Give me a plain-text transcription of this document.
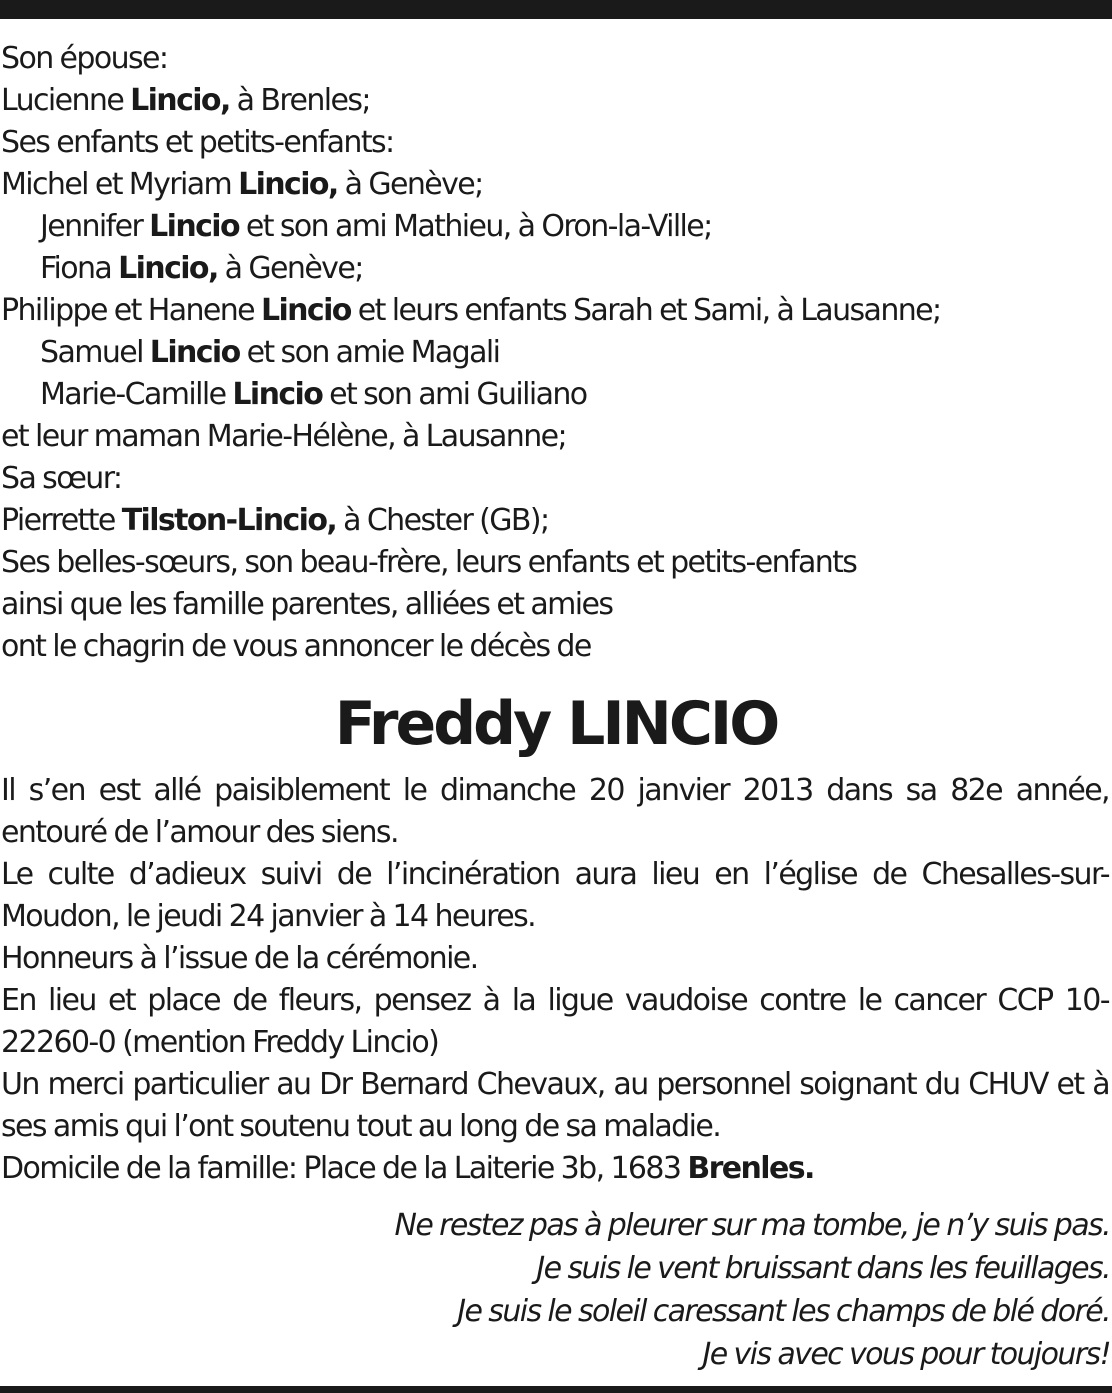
Son épouse:
Lucienne Lincio, à Brenles;
Ses enfants et petits-enfants:
Michel et Myriam Lincio, à Genève;
Jennifer Lincio et son ami Mathieu, à Oron-la-Ville;
Fiona Lincio, à Genève;
Philippe et Hanene Lincio et leurs enfants Sarah et Sami, à Lausanne;
Samuel Lincio et son amie Magali
Marie-Camille Lincio et son ami Guiliano
et leur maman Marie-Hélène, à Lausanne;
Sa sœur:
Pierrette Tilston-Lincio, à Chester (GB);
Ses belles-sœurs, son beau-frère, leurs enfants et petits-enfants
ainsi que les famille parentes, alliées et amies
ont le chagrin de vous annoncer le décès de
Freddy LINCIO

Il s’en est allé paisiblement le dimanche 20 janvier 2013 dans sa 82e année, entouré de l’amour des siens.

Le culte d’adieux suivi de l’incinération aura lieu en l’église de Chesalles-sur-Moudon, le jeudi 24 janvier à 14 heures.

Honneurs à l’issue de la cérémonie.

En lieu et place de fleurs, pensez à la ligue vaudoise contre le cancer CCP 10-22260-0 (mention Freddy Lincio)

Un merci particulier au Dr Bernard Chevaux, au personnel soignant du CHUV et à ses amis qui l’ont soutenu tout au long de sa maladie.

Domicile de la famille: Place de la Laiterie 3b, 1683 Brenles.

Ne restez pas à pleurer sur ma tombe, je n’y suis pas.
Je suis le vent bruissant dans les feuillages.
Je suis le soleil caressant les champs de blé doré.
Je vis avec vous pour toujours!
